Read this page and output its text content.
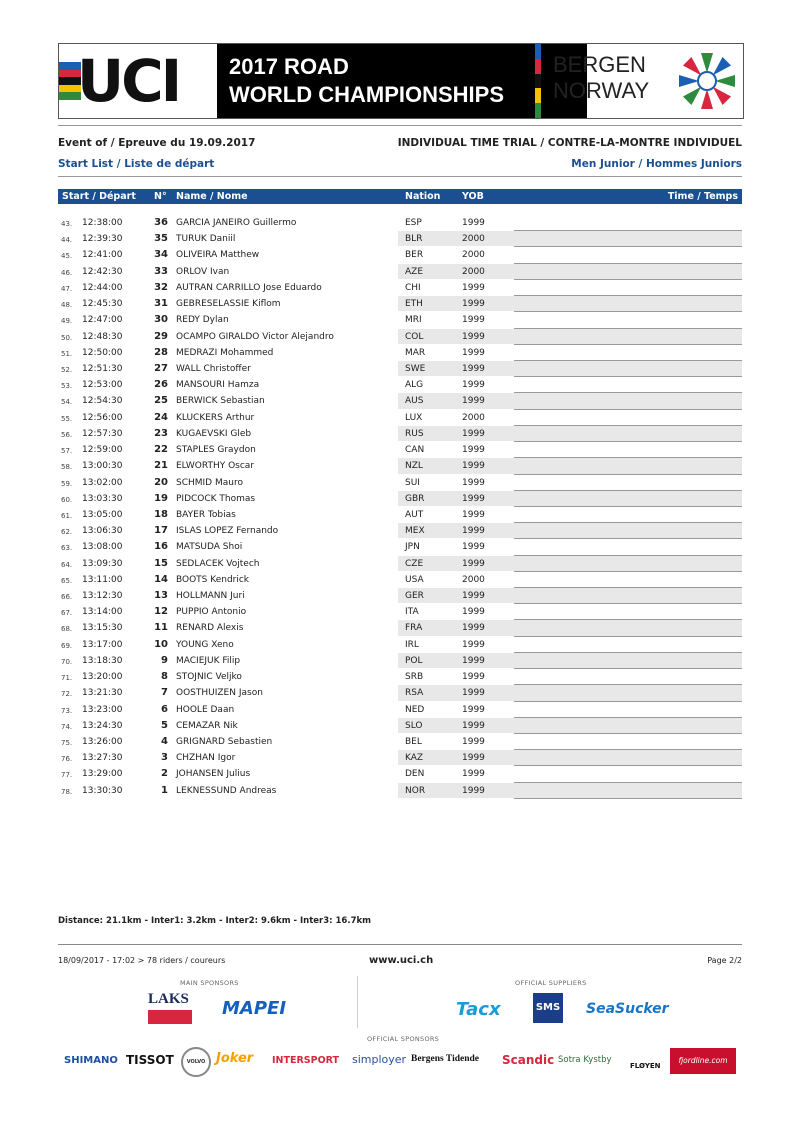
UCI 2017 ROAD
WORLD CHAMPIONSHIPS
BERGEN
NORWAY
Event of / Epreuve du 19.09.2017	INDIVIDUAL TIME TRIAL / CONTRE-LA-MONTRE INDIVIDUEL
Start List / Liste de départ	Men Junior / Hommes Juniors
Start / Départ N° Name / Nome	Nation YOB	Time / Temps
43. 12:38:00	36 GARCIA JANEIRO Guillermo	ESP	1999
44. 12:39:30	35 TURUK Daniil	BLR	2000
45. 12:41:00	34 OLIVEIRA Matthew	BER	2000
46. 12:42:30	33 ORLOV Ivan	AZE	2000
47. 12:44:00	32 AUTRAN CARRILLO Jose Eduardo	CHI	1999
48. 12:45:30	31 GEBRESELASSIE Kiflom	ETH	1999
49. 12:47:00	30 REDY Dylan	MRI	1999
50. 12:48:30	29 OCAMPO GIRALDO Victor Alejandro	COL	1999
51. 12:50:00	28 MEDRAZI Mohammed	MAR	1999
52. 12:51:30	27 WALL Christoffer	SWE	1999
53. 12:53:00	26 MANSOURI Hamza	ALG	1999
54. 12:54:30	25 BERWICK Sebastian	AUS	1999
55. 12:56:00	24 KLUCKERS Arthur	LUX	2000
56. 12:57:30	23 KUGAEVSKI Gleb	RUS	1999
57. 12:59:00	22 STAPLES Graydon	CAN	1999
58. 13:00:30	21 ELWORTHY Oscar	NZL	1999
59. 13:02:00	20 SCHMID Mauro	SUI	1999
60. 13:03:30	19 PIDCOCK Thomas	GBR	1999
61. 13:05:00	18 BAYER Tobias	AUT	1999
62. 13:06:30	17 ISLAS LOPEZ Fernando	MEX	1999
63. 13:08:00	16 MATSUDA Shoi	JPN	1999
64. 13:09:30	15 SEDLACEK Vojtech	CZE	1999
65. 13:11:00	14 BOOTS Kendrick	USA	2000
66. 13:12:30	13 HOLLMANN Juri	GER	1999
67. 13:14:00	12 PUPPIO Antonio	ITA	1999
68. 13:15:30	11 RENARD Alexis	FRA	1999
69. 13:17:00	10 YOUNG Xeno	IRL	1999
70. 13:18:30	9 MACIEJUK Filip	POL	1999
71. 13:20:00	8 STOJNIC Veljko	SRB	1999
72. 13:21:30	7 OOSTHUIZEN Jason	RSA	1999
73. 13:23:00	6 HOOLE Daan	NED	1999
74. 13:24:30	5 CEMAZAR Nik	SLO	1999
75. 13:26:00	4 GRIGNARD Sebastien	BEL	1999
76. 13:27:30	3 CHZHAN Igor	KAZ	1999
77. 13:29:00	2 JOHANSEN Julius	DEN	1999
78. 13:30:30	1 LEKNESSUND Andreas	NOR	1999
Distance: 21.1km - Inter1: 3.2km - Inter2: 9.6km - Inter3: 16.7km
18/09/2017 - 17:02 > 78 riders / coureurs	www.uci.ch	Page 2/2
MAIN SPONSORS	OFFICIAL SUPPLIERS
OFFICIAL SPONSORS
LAKS MAPEI	Tacx	SMS SeaSucker
SHIMANO TISSOT	VOLVO Joker INTERSPORT simployer Bergens Tidende Scandic Sotra Kystby
FLØYEN
fjordline.com
